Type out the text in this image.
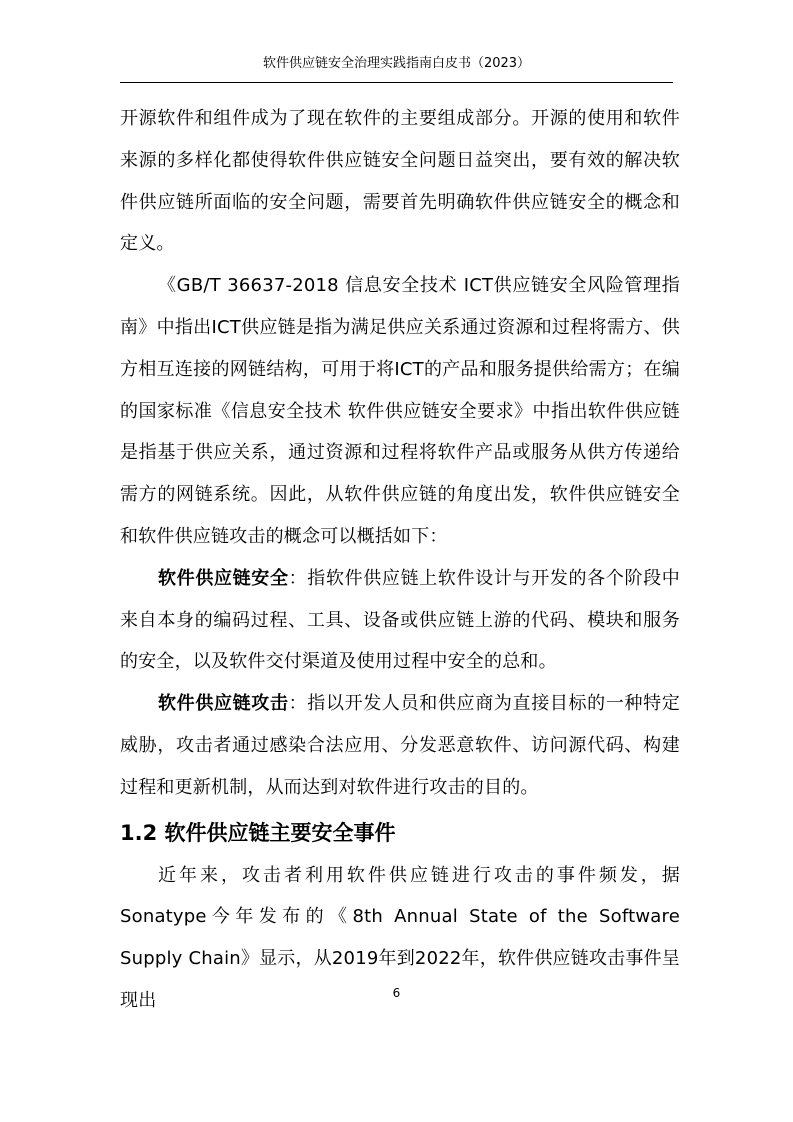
软件供应链安全治理实践指南白皮书（2023）

开源软件和组件成为了现在软件的主要组成部分。开源的使用和软件来源的多样化都使得软件供应链安全问题日益突出，要有效的解决软件供应链所面临的安全问题，需要首先明确软件供应链安全的概念和定义。

《GB/T 36637-2018 信息安全技术 ICT供应链安全风险管理指南》中指出ICT供应链是指为满足供应关系通过资源和过程将需方、供方相互连接的网链结构，可用于将ICT的产品和服务提供给需方；在编的国家标准《信息安全技术 软件供应链安全要求》中指出软件供应链是指基于供应关系，通过资源和过程将软件产品或服务从供方传递给需方的网链系统。因此，从软件供应链的角度出发，软件供应链安全和软件供应链攻击的概念可以概括如下：

软件供应链安全：指软件供应链上软件设计与开发的各个阶段中来自本身的编码过程、工具、设备或供应链上游的代码、模块和服务的安全，以及软件交付渠道及使用过程中安全的总和。

软件供应链攻击：指以开发人员和供应商为直接目标的一种特定威胁，攻击者通过感染合法应用、分发恶意软件、访问源代码、构建过程和更新机制，从而达到对软件进行攻击的目的。

1.2 软件供应链主要安全事件

近年来，攻击者利用软件供应链进行攻击的事件频发，据Sonatype今年发布的《8th Annual State of the Software Supply Chain》显示，从2019年到2022年，软件供应链攻击事件呈现出	6
